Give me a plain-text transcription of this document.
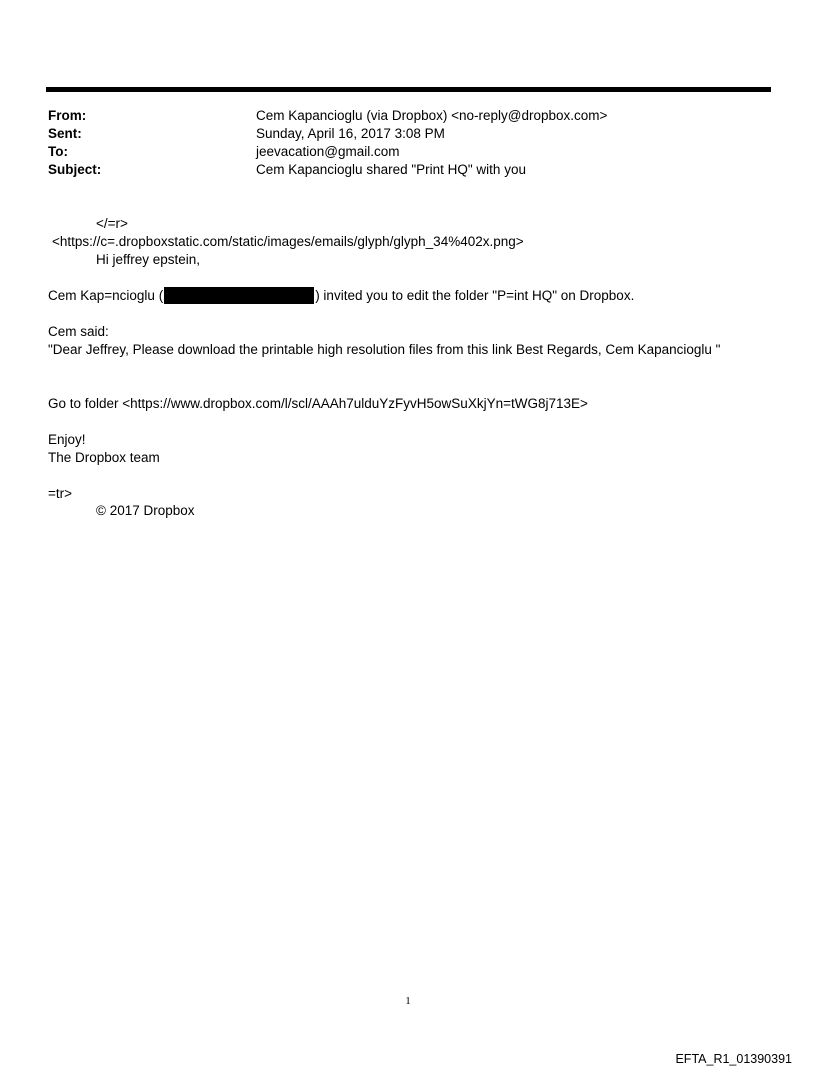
From:	Cem Kapancioglu (via Dropbox) <no-reply@dropbox.com>
Sent:	Sunday, April 16, 2017 3:08 PM
To:	jeevacation@gmail.com
Subject:	Cem Kapancioglu shared "Print HQ" with you
</=r>
<https://c=.dropboxstatic.com/static/images/emails/glyph/glyph_34%402x.png>
Hi jeffrey epstein,
Cem Kap=ncioglu (	) invited you to edit the folder "P=int HQ" on Dropbox.
Cem said:
"Dear Jeffrey, Please download the printable high resolution files from this link Best Regards, Cem Kapancioglu "
Go to folder <https://www.dropbox.com/l/scl/AAAh7ulduYzFyvH5owSuXkjYn=tWG8j713E>
Enjoy!
The Dropbox team
=tr>
© 2017 Dropbox
1
EFTA_R1_01390391
